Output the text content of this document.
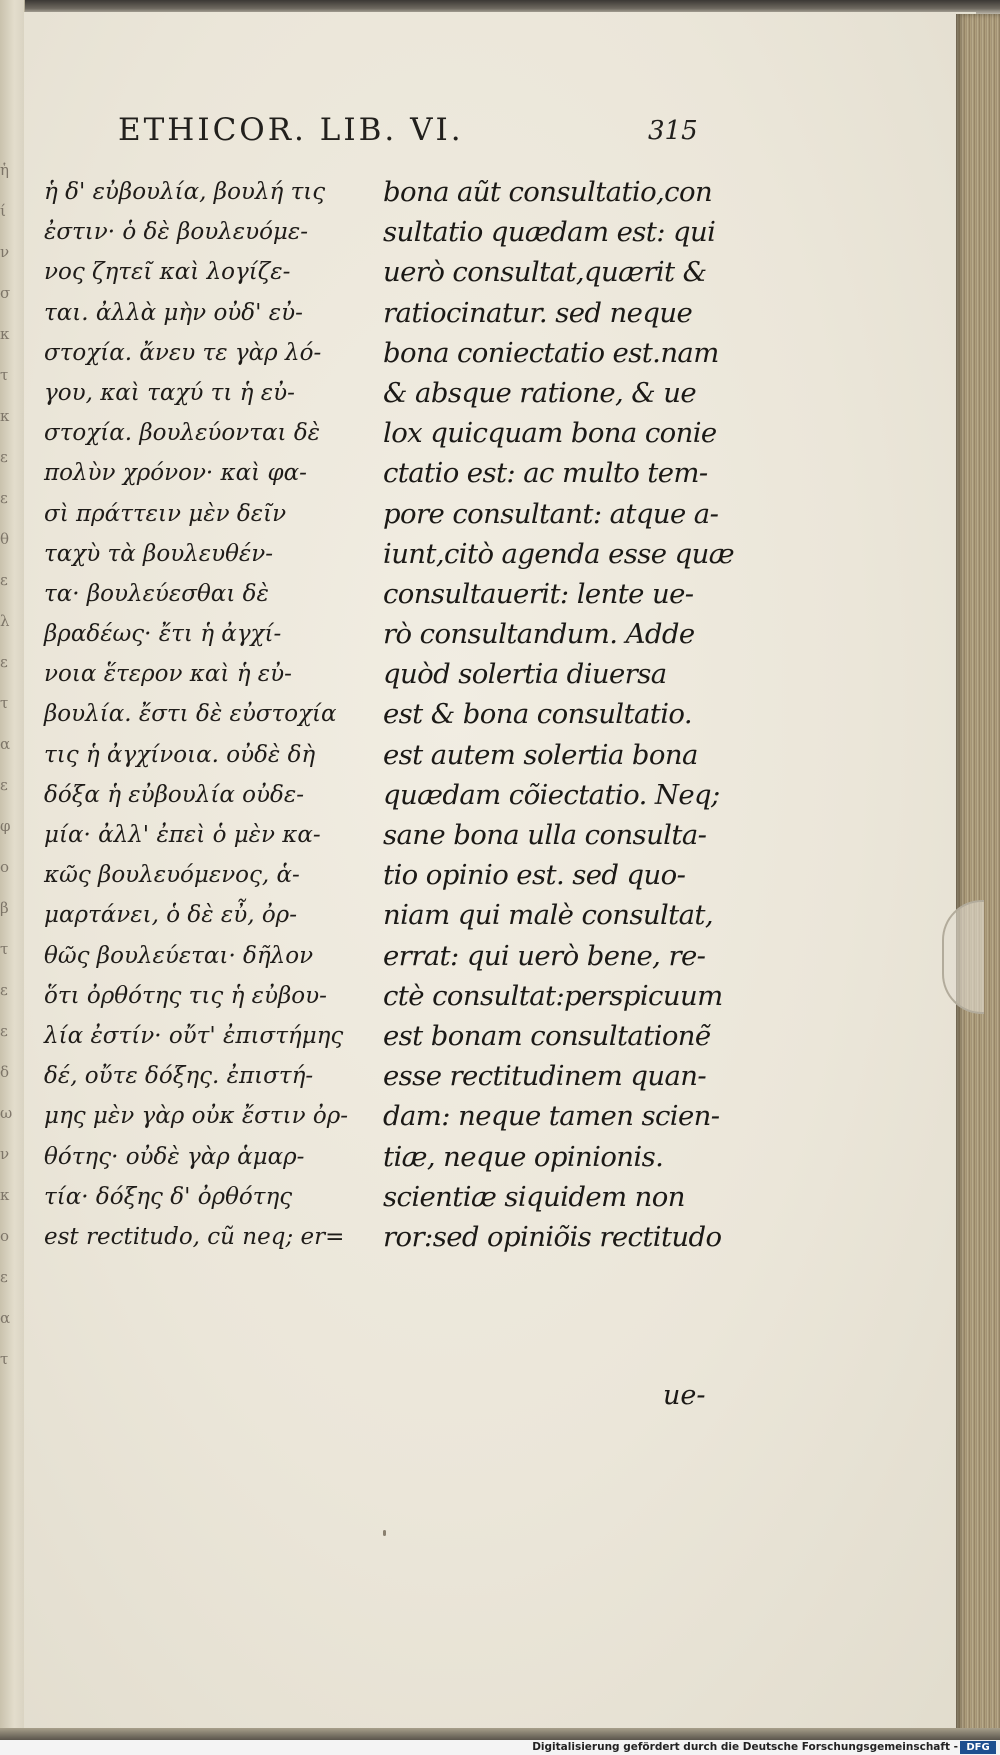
ἡ
ί
ν
σ
κ
τ
κ
ε
ε
θ
ε
λ
ε
τ
α
ε
φ
ο
β
τ
ε
ε
δ
ω
ν
κ
ο
ε
α
τ
ETHICOR. LIB. VI.	315
ἡ δ' εὐβουλία, βουλή τις
ἐστιν· ὁ δὲ βουλευόμε-
νος ζητεῖ καὶ λογίζε-
ται. ἀλλὰ μὴν οὐδ' εὐ-
στοχία. ἄνευ τε γὰρ λό-
γου, καὶ ταχύ τι ἡ εὐ-
στοχία. βουλεύονται δὲ
πολὺν χρόνον· καὶ φα-
σὶ πράττειν μὲν δεῖν
ταχὺ τὰ βουλευθέν-
τα· βουλεύεσθαι δὲ
βραδέως· ἔτι ἡ ἀγχί-
νοια ἕτερον καὶ ἡ εὐ-
βουλία. ἔστι δὲ εὐστοχία
τις ἡ ἀγχίνοια. οὐδὲ δὴ
δόξα ἡ εὐβουλία οὐδε-
μία· ἀλλ' ἐπεὶ ὁ μὲν κα-
κῶς βουλευόμενος, ἁ-
μαρτάνει, ὁ δὲ εὖ, ὀρ-
θῶς βουλεύεται· δῆλον
ὅτι ὀρθότης τις ἡ εὐβου-
λία ἐστίν· οὔτ' ἐπιστήμης
δέ, οὔτε δόξης. ἐπιστή-
μης μὲν γὰρ οὐκ ἔστιν ὀρ-
θότης· οὐδὲ γὰρ ἁμαρ-
τία· δόξης δ' ὀρθότης
est rectitudo, cũ neq; er=
bona aũt consultatio,con
sultatio quædam est: qui
uerò consultat,quærit &
ratiocinatur. sed neque
bona coniectatio est.nam
& absque ratione, & ue
lox quicquam bona conie
ctatio est: ac multo tem-
pore consultant: atque a-
iunt,citò agenda esse quæ
consultauerit: lente ue-
rò consultandum. Adde
quòd solertia diuersa
est & bona consultatio.
est autem solertia bona
quædam cõiectatio. Neq;
sane bona ulla consulta-
tio opinio est. sed quo-
niam qui malè consultat,
errat: qui uerò bene, re-
ctè consultat:perspicuum
est bonam consultationẽ
esse rectitudinem quan-
dam: neque tamen scien-
tiæ, neque opinionis.
scientiæ siquidem non
ror:sed opiniõis rectitudo
ue-
Digitalisierung gefördert durch die Deutsche Forschungsgemeinschaft - DFG
